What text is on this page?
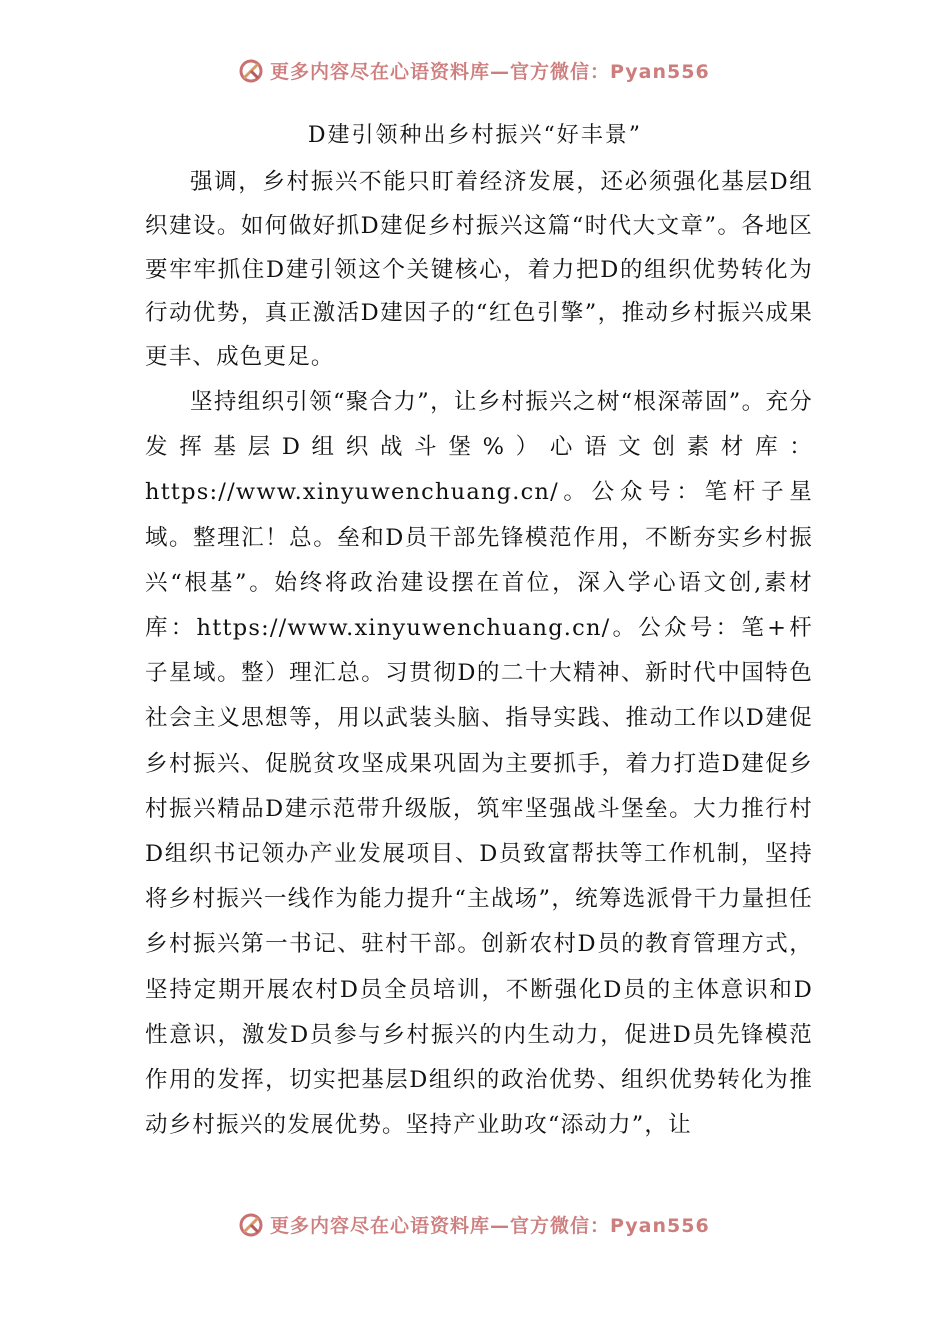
更多内容尽在心语资料库—官方微信：Pyan556
D建引领种出乡村振兴“好丰景”

强调，乡村振兴不能只盯着经济发展，还必须强化基层D组织建设。如何做好抓D建促乡村振兴这篇“时代大文章”。各地区要牢牢抓住D建引领这个关键核心，着力把D的组织优势转化为行动优势，真正激活D建因子的“红色引擎”，推动乡村振兴成果更丰、成色更足。

坚持组织引领“聚合力”，让乡村振兴之树“根深蒂固”。充分发挥基层D组织战斗堡%）心语文创素材库：https://www.xinyuwenchuang.cn/。公众号：笔杆子星域。整理汇！总。垒和D员干部先锋模范作用，不断夯实乡村振兴“根基”。始终将政治建设摆在首位，深入学心语文创,素材库：https://www.xinyuwenchuang.cn/。公众号：笔+杆子星域。整）理汇总。习贯彻D的二十大精神、新时代中国特色社会主义思想等，用以武装头脑、指导实践、推动工作以D建促乡村振兴、促脱贫攻坚成果巩固为主要抓手，着力打造D建促乡村振兴精品D建示范带升级版，筑牢坚强战斗堡垒。大力推行村D组织书记领办产业发展项目、D员致富帮扶等工作机制，坚持将乡村振兴一线作为能力提升“主战场”，统筹选派骨干力量担任乡村振兴第一书记、驻村干部。创新农村D员的教育管理方式，坚持定期开展农村D员全员培训，不断强化D员的主体意识和D性意识，激发D员参与乡村振兴的内生动力，促进D员先锋模范作用的发挥，切实把基层D组织的政治优势、组织优势转化为推动乡村振兴的发展优势。坚持产业助攻“添动力”，让

更多内容尽在心语资料库—官方微信：Pyan556
